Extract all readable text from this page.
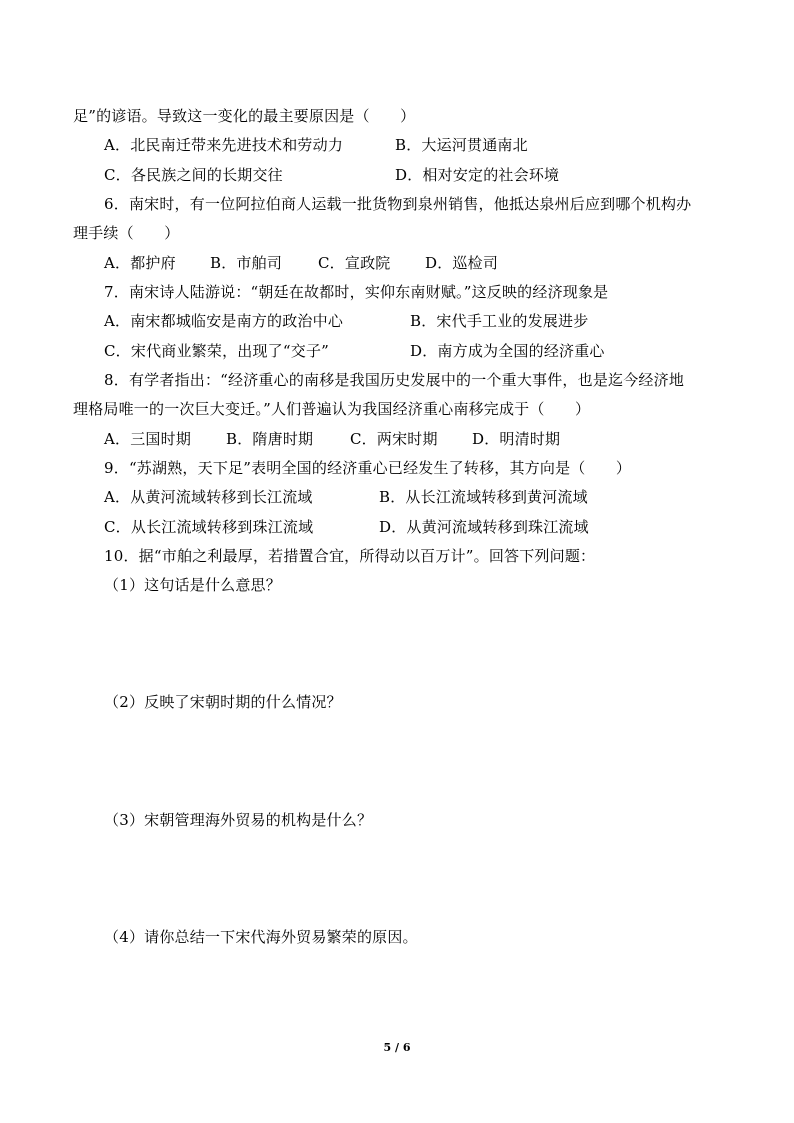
足”的谚语。导致这一变化的最主要原因是（　　）
A．北民南迁带来先进技术和劳动力	B．大运河贯通南北
C．各民族之间的长期交往	D．相对安定的社会环境
6．南宋时，有一位阿拉伯商人运载一批货物到泉州销售，他抵达泉州后应到哪个机构办
理手续（　　）
A．都护府 B．市舶司 C．宣政院 D．巡检司
7．南宋诗人陆游说：“朝廷在故都时，实仰东南财赋。”这反映的经济现象是
A．南宋都城临安是南方的政治中心	B．宋代手工业的发展进步
C．宋代商业繁荣，出现了“交子”	D．南方成为全国的经济重心
8．有学者指出：“经济重心的南移是我国历史发展中的一个重大事件，也是迄今经济地
理格局唯一的一次巨大变迁。”人们普遍认为我国经济重心南移完成于（　　）
A．三国时期 B．隋唐时期 C．两宋时期 D．明清时期
9．“苏湖熟，天下足”表明全国的经济重心已经发生了转移，其方向是（　　）
A．从黄河流域转移到长江流域	B．从长江流域转移到黄河流域
C．从长江流域转移到珠江流域	D．从黄河流域转移到珠江流域
10．据“市舶之利最厚，若措置合宜，所得动以百万计”。回答下列问题：
（1）这句话是什么意思？
（2）反映了宋朝时期的什么情况？
（3）宋朝管理海外贸易的机构是什么？
（4）请你总结一下宋代海外贸易繁荣的原因。
5 / 6
